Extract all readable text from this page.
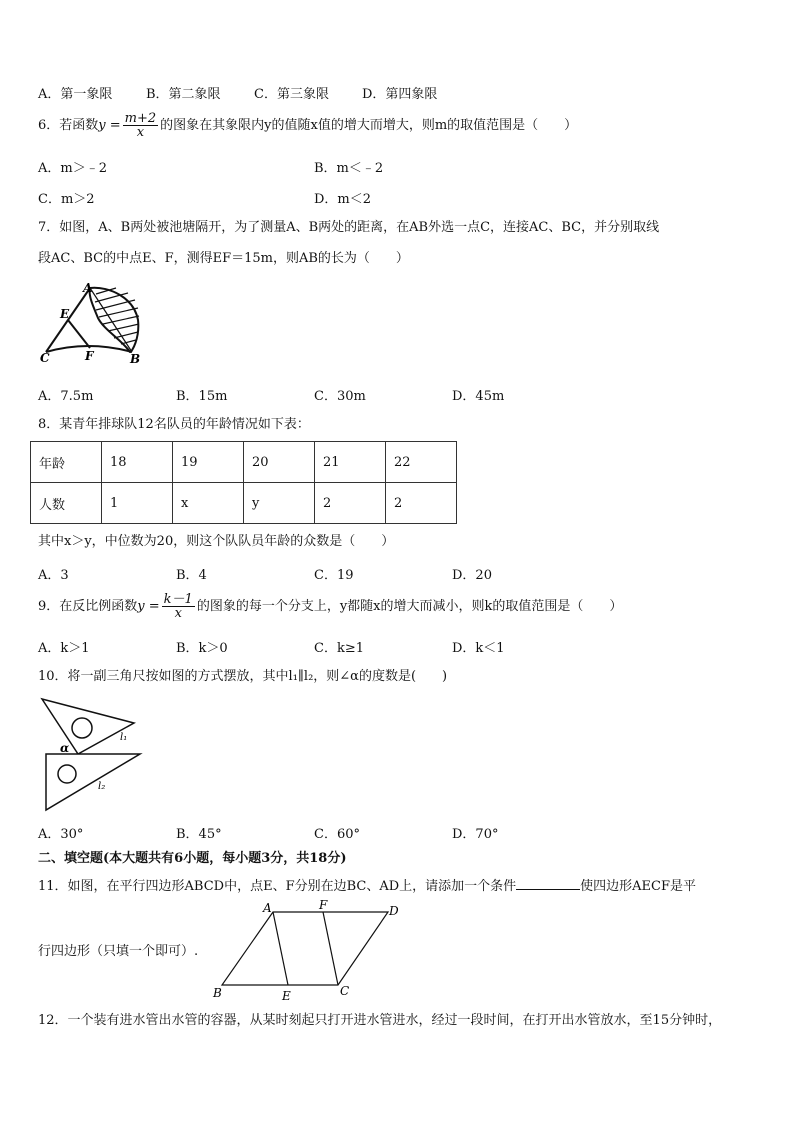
A．第一象限	B．第二象限	C．第三象限	D．第四象限
6．若函数$y = \frac{m+2}{x}$ 的图象在其象限内y的值随x值的增大而增大，则m的取值范围是（　　）
A．m＞﹣2	B．m＜﹣2
C．m＞2	D．m＜2
7．如图，A、B两处被池塘隔开，为了测量A、B两处的距离，在AB外选一点C，连接AC、BC，并分别取线
段AC、BC的中点E、F，测得EF＝15m，则AB的长为（　　）
A
E
C	F	B
A．7.5m	B．15m	C．30m	D．45m
8．某青年排球队12名队员的年龄情况如下表：
年龄	18	19	20	21	22
人数	1	x	y	2	2
其中x＞y，中位数为20，则这个队队员年龄的众数是（　　）
A．3	B．4	C．19	D．20
9．在反比例函数$y = \frac{k-1}{x}$ 的图象的每一个分支上，y都随x的增大而减小，则k的取值范围是（　　）
A．k＞1	B．k＞0	C．k≥1	D．k＜1
10．将一副三角尺按如图的方式摆放，其中l₁∥l₂，则∠α的度数是(　　)
α
l₁
l₂
A．30°	B．45°	C．60°	D．70°
二、填空题(本大题共有6小题，每小题3分，共18分)
11．如图，在平行四边形ABCD中，点E、F分别在边BC、AD上，请添加一个条件	使四边形AECF是平
行四边形（只填一个即可）.
A	F	D
B	E	C
12．一个装有进水管出水管的容器，从某时刻起只打开进水管进水，经过一段时间，在打开出水管放水，至15分钟时，
